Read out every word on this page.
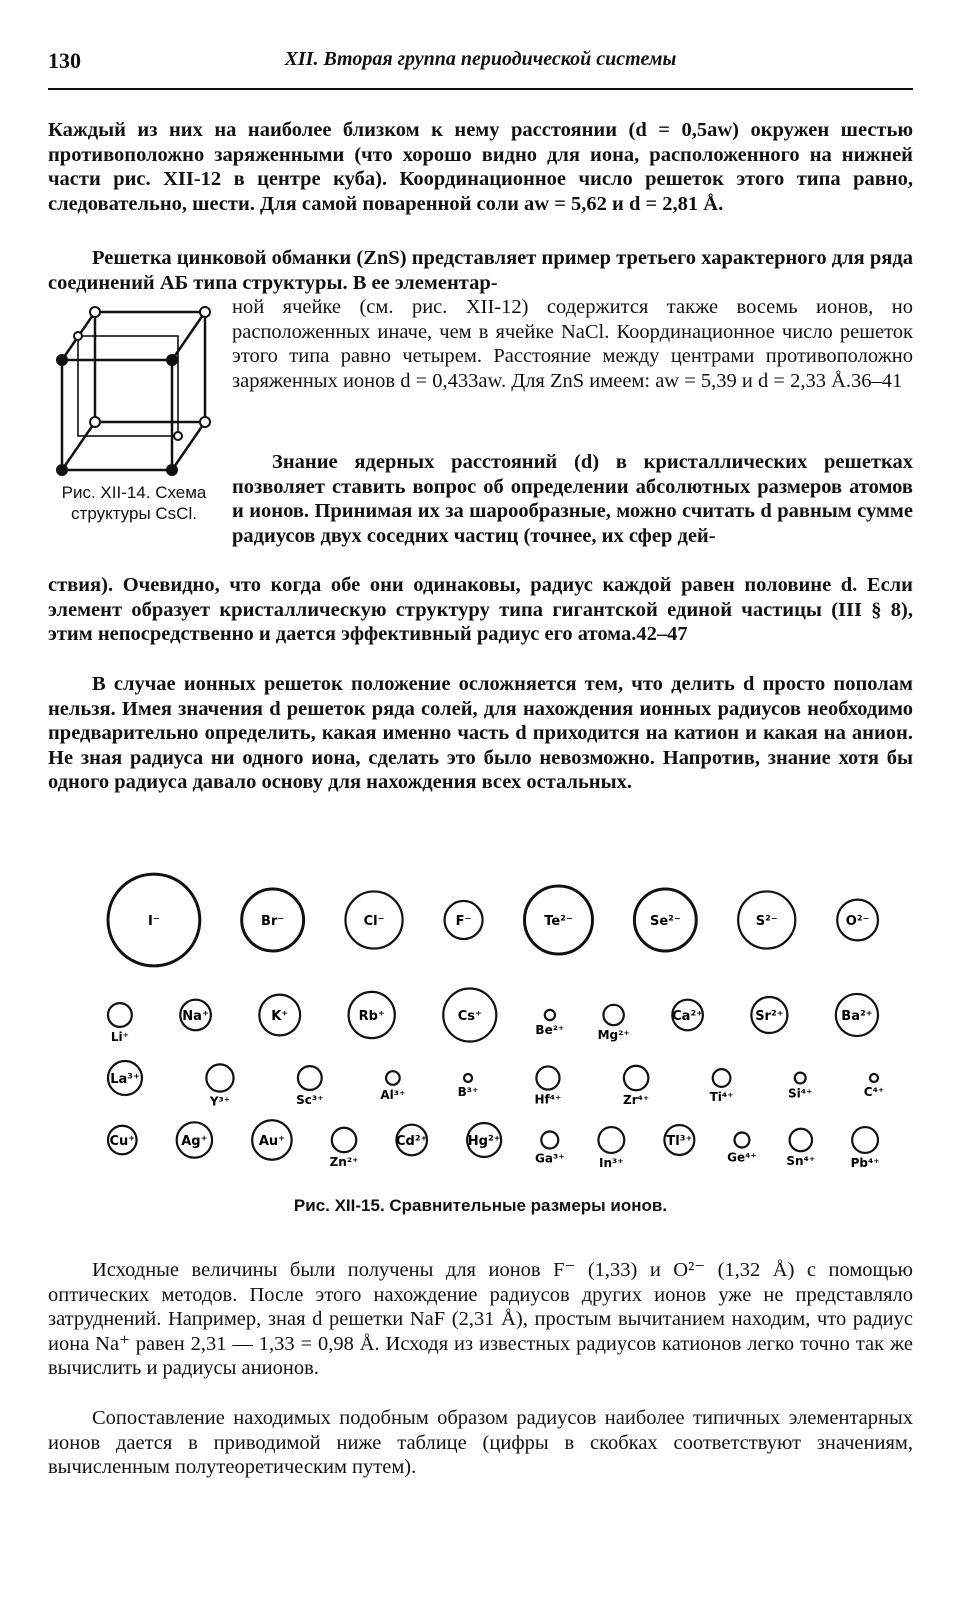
130	XII. Вторая группа периодической системы

Каждый из них на наиболее близком к нему расстоянии (d = 0,5aw) окружен шестью противоположно заряженными (что хорошо видно для иона, расположенного на нижней части рис. XII-12 в центре куба). Координационное число решеток этого типа равно, следовательно, шести. Для самой поваренной соли aw = 5,62 и d = 2,81 Å.

Решетка цинковой обманки (ZnS) представляет пример третьего характерного для ряда соединений АБ типа структуры. В ее элементар-

Рис. XII-14. Схема структуры CsCl.

ной ячейке (см. рис. XII-12) содержится также восемь ионов, но расположенных иначе, чем в ячейке NaCl. Координационное число решеток этого типа равно четырем. Расстояние между центрами противоположно заряженных ионов d = 0,433aw. Для ZnS имеем: aw = 5,39 и d = 2,33 Å.36–41

Знание ядерных расстояний (d) в кристаллических решетках позволяет ставить вопрос об определении абсолютных размеров атомов и ионов. Принимая их за шарообразные, можно считать d равным сумме радиусов двух соседних частиц (точнее, их сфер дей-

ствия). Очевидно, что когда обе они одинаковы, радиус каждой равен половине d. Если элемент образует кристаллическую структуру типа гигантской единой частицы (III § 8), этим непосредственно и дается эффективный радиус его атома.42–47

В случае ионных решеток положение осложняется тем, что делить d просто пополам нельзя. Имея значения d решеток ряда солей, для нахождения ионных радиусов необходимо предварительно определить, какая именно часть d приходится на катион и какая на анион. Не зная радиуса ни одного иона, сделать это было невозможно. Напротив, знание хотя бы одного радиуса давало основу для нахождения всех остальных.

I⁻	Br⁻	Cl⁻	F⁻	Te²⁻	Se²⁻	S²⁻	O²⁻
Li⁺
Na⁺	K⁺	Rb⁺	Cs⁺
Be²⁺	Mg²⁺
Ca²⁺	Sr²⁺	Ba²⁺
La³⁺
Y³⁺	Sc³⁺	Al³⁺	B³⁺
Hf⁴⁺	Zr⁴⁺	Ti⁴⁺	Si⁴⁺	C⁴⁺
Cu⁺	Ag⁺	Au⁺
Zn²⁺
Cd²⁺	Hg²⁺
Ga³⁺	In³⁺
Tl³⁺
Ge⁴⁺ Sn⁴⁺	Pb⁴⁺
Рис. XII-15. Сравнительные размеры ионов.

Исходные величины были получены для ионов F⁻ (1,33) и O²⁻ (1,32 Å) с помощью оптических методов. После этого нахождение радиусов других ионов уже не представляло затруднений. Например, зная d решетки NaF (2,31 Å), простым вычитанием находим, что радиус иона Na⁺ равен 2,31 — 1,33 = 0,98 Å. Исходя из известных радиусов катионов легко точно так же вычислить и радиусы анионов.

Сопоставление находимых подобным образом радиусов наиболее типичных элементарных ионов дается в приводимой ниже таблице (цифры в скобках соответствуют значениям, вычисленным полутеоретическим путем).
